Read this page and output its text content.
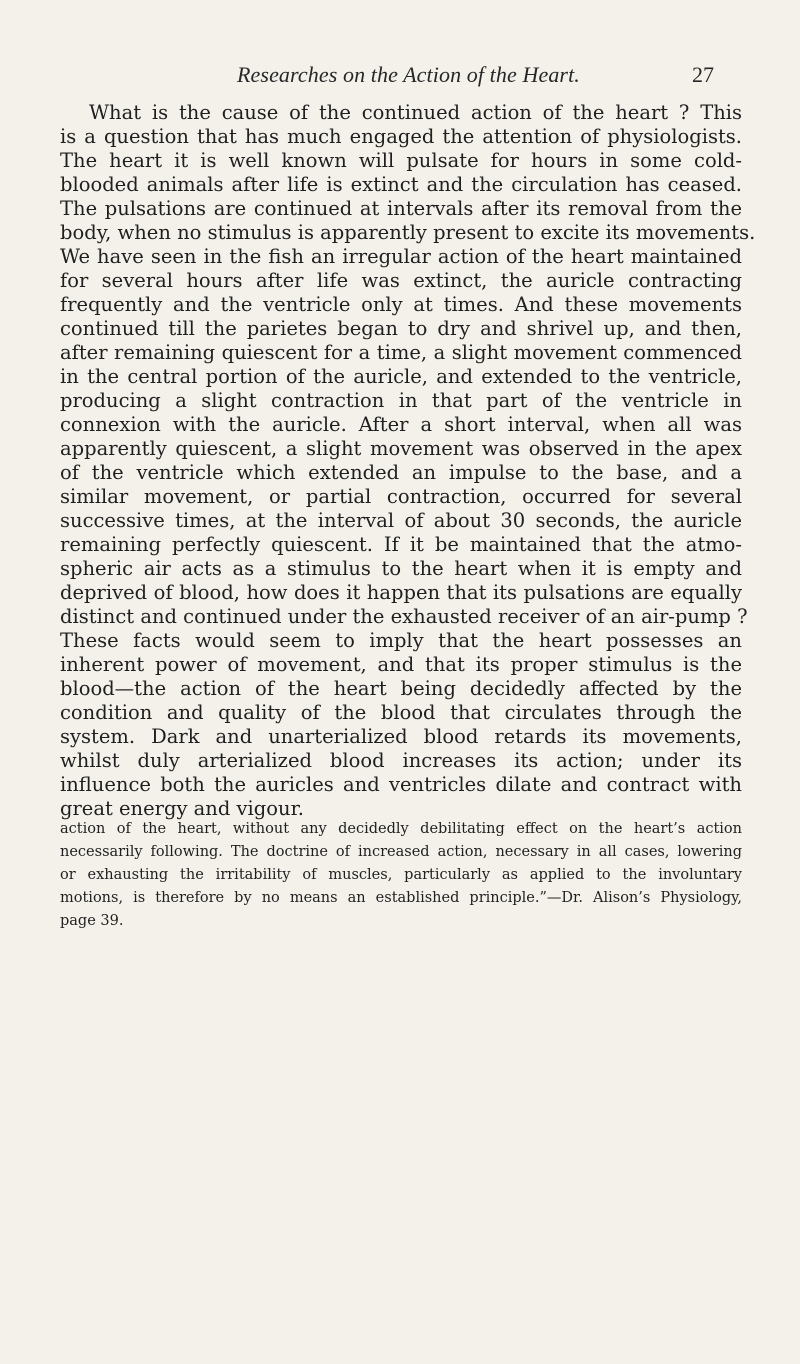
Researches on the Action of the Heart.	27
What is the cause of the continued action of the heart ? This
is a question that has much engaged the attention of physiologists.
The heart it is well known will pulsate for hours in some cold-
blooded animals after life is extinct and the circulation has ceased.
The pulsations are continued at intervals after its removal from the
body, when no stimulus is apparently present to excite its movements.
We have seen in the fish an irregular action of the heart maintained
for several hours after life was extinct, the auricle contracting
frequently and the ventricle only at times. And these movements
continued till the parietes began to dry and shrivel up, and then,
after remaining quiescent for a time, a slight movement commenced
in the central portion of the auricle, and extended to the ventricle,
producing a slight contraction in that part of the ventricle in
connexion with the auricle. After a short interval, when all was
apparently quiescent, a slight movement was observed in the apex
of the ventricle which extended an impulse to the base, and a
similar movement, or partial contraction, occurred for several
successive times, at the interval of about 30 seconds, the auricle
remaining perfectly quiescent. If it be maintained that the atmo-
spheric air acts as a stimulus to the heart when it is empty and
deprived of blood, how does it happen that its pulsations are equally
distinct and continued under the exhausted receiver of an air-pump ?
These facts would seem to imply that the heart possesses an
inherent power of movement, and that its proper stimulus is the
blood—the action of the heart being decidedly affected by the
condition and quality of the blood that circulates through the
system. Dark and unarterialized blood retards its movements,
whilst duly arterialized blood increases its action; under its
influence both the auricles and ventricles dilate and contract with
great energy and vigour.
action of the heart, without any decidedly debilitating effect on the heart’s action
necessarily following. The doctrine of increased action, necessary in all cases, lowering
or exhausting the irritability of muscles, particularly as applied to the involuntary
motions, is therefore by no means an established principle.”—Dr. Alison’s Physiology,
page 39.
